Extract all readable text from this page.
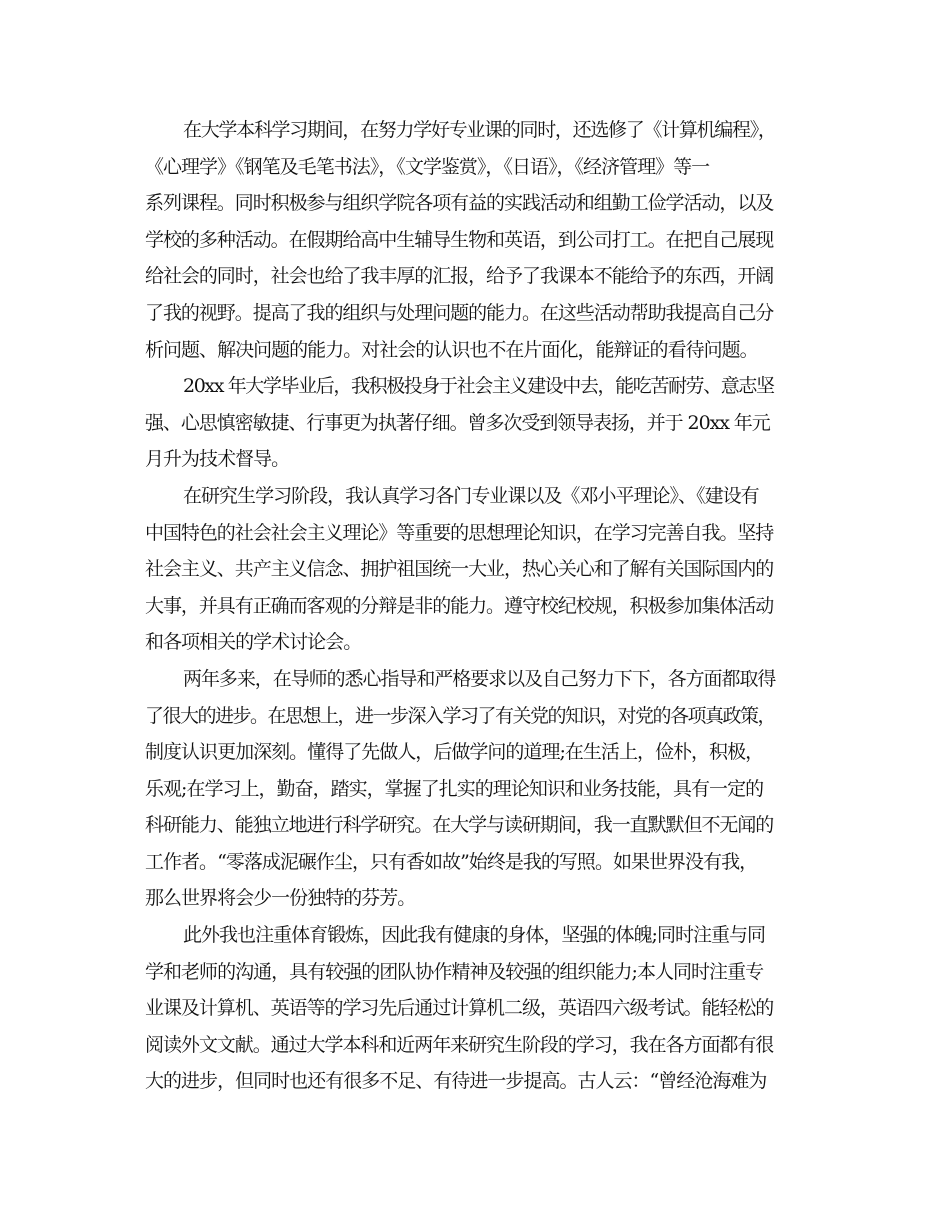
在大学本科学习期间，在努力学好专业课的同时，还选修了《计算机编程》，
《心理学》《钢笔及毛笔书法》，《文学鉴赏》，《日语》，《经济管理》等一
系列课程。同时积极参与组织学院各项有益的实践活动和组勤工俭学活动，以及
学校的多种活动。在假期给高中生辅导生物和英语，到公司打工。在把自己展现
给社会的同时，社会也给了我丰厚的汇报，给予了我课本不能给予的东西，开阔
了我的视野。提高了我的组织与处理问题的能力。在这些活动帮助我提高自己分
析问题、解决问题的能力。对社会的认识也不在片面化，能辩证的看待问题。

20xx 年大学毕业后，我积极投身于社会主义建设中去，能吃苦耐劳、意志坚
强、心思慎密敏捷、行事更为执著仔细。曾多次受到领导表扬，并于 20xx 年元
月升为技术督导。

在研究生学习阶段，我认真学习各门专业课以及《邓小平理论》、《建设有
中国特色的社会社会主义理论》等重要的思想理论知识，在学习完善自我。坚持
社会主义、共产主义信念、拥护祖国统一大业，热心关心和了解有关国际国内的
大事，并具有正确而客观的分辩是非的能力。遵守校纪校规，积极参加集体活动
和各项相关的学术讨论会。

两年多来，在导师的悉心指导和严格要求以及自己努力下下，各方面都取得
了很大的进步。在思想上，进一步深入学习了有关党的知识，对党的各项真政策，
制度认识更加深刻。懂得了先做人，后做学问的道理;在生活上，俭朴，积极，
乐观;在学习上，勤奋，踏实，掌握了扎实的理论知识和业务技能，具有一定的
科研能力、能独立地进行科学研究。在大学与读研期间，我一直默默但不无闻的
工作者。“零落成泥碾作尘，只有香如故”始终是我的写照。如果世界没有我，
那么世界将会少一份独特的芬芳。

此外我也注重体育锻炼，因此我有健康的身体，坚强的体魄;同时注重与同
学和老师的沟通，具有较强的团队协作精神及较强的组织能力;本人同时注重专
业课及计算机、英语等的学习先后通过计算机二级，英语四六级考试。能轻松的
阅读外文文献。通过大学本科和近两年来研究生阶段的学习，我在各方面都有很
大的进步，但同时也还有很多不足、有待进一步提高。古人云：“曾经沧海难为
